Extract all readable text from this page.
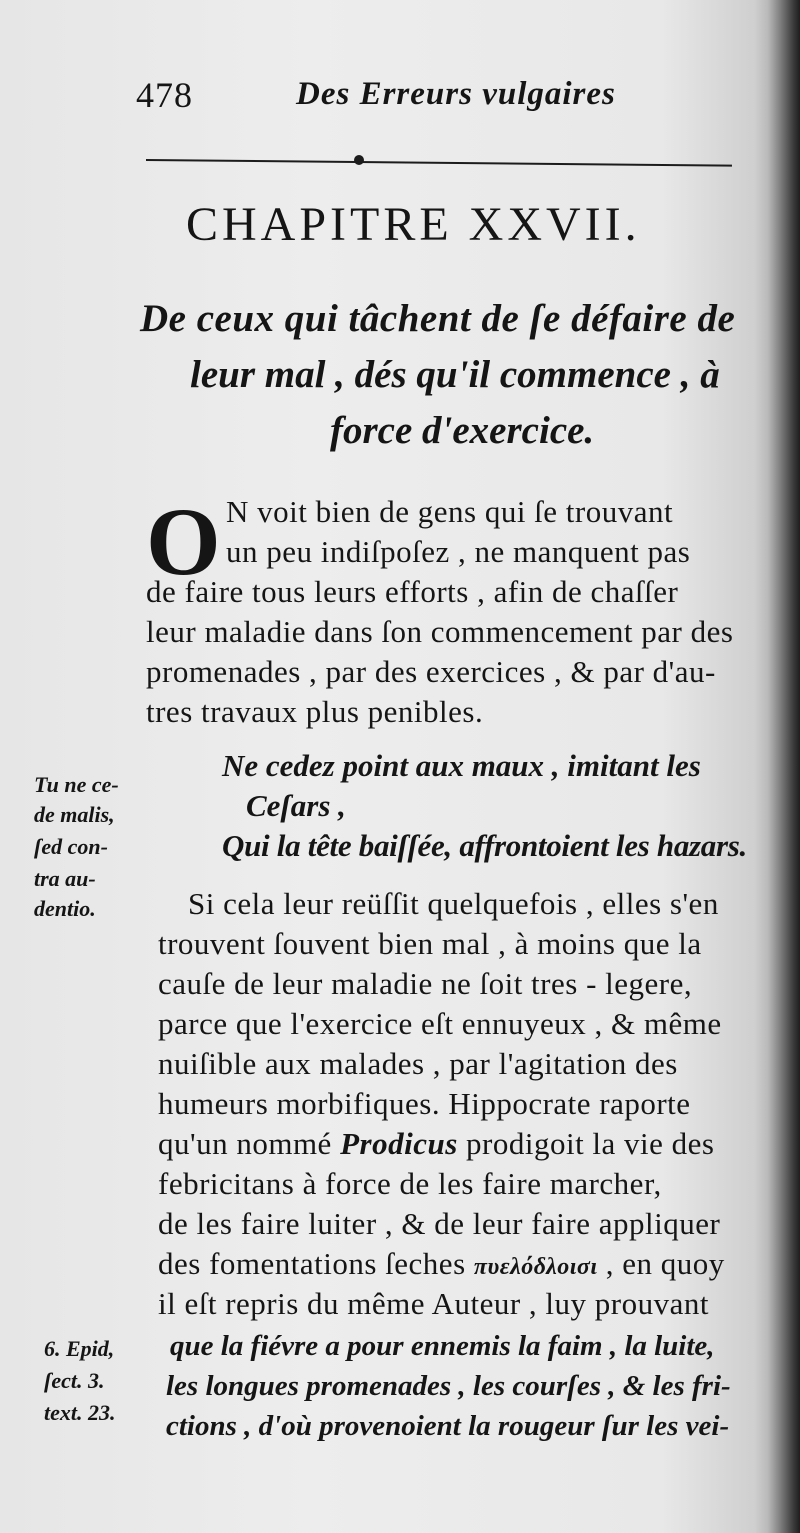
478	Des Erreurs vulgaires
CHAPITRE XXVII.
De ceux qui tâchent de ſe défaire de
leur mal , dés qu'il commence , à
force d'exercice.
O N voit bien de gens qui ſe trouvant
un peu indiſpoſez , ne manquent pas
de faire tous leurs efforts , afin de chaſſer
leur maladie dans ſon commencement par des
promenades , par des exercices , & par d'au-
tres travaux plus penibles.
Ne cedez point aux maux , imitant les
Ceſars ,
Qui la tête baiſſée, affrontoient les hazars.
Tu ne ce-
de malis,
ſed con-
tra au-
dentio.	Si cela leur reüſſit quelquefois , elles s'en
trouvent ſouvent bien mal , à moins que la
cauſe de leur maladie ne ſoit tres - legere,
parce que l'exercice eſt ennuyeux , & même
nuiſible aux malades , par l'agitation des
humeurs morbifiques. Hippocrate raporte
qu'un nommé Prodicus prodigoit la vie des
febricitans à force de les faire marcher,
de les faire luiter , & de leur faire appliquer
des fomentations ſeches πυελόδλοισι , en quoy
il eſt repris du même Auteur , luy prouvant
que la fiévre a pour ennemis la faim , la luite,
les longues promenades , les courſes , & les fri-
ctions , d'où provenoient la rougeur ſur les vei-
6. Epid,
ſect. 3.
text. 23.
